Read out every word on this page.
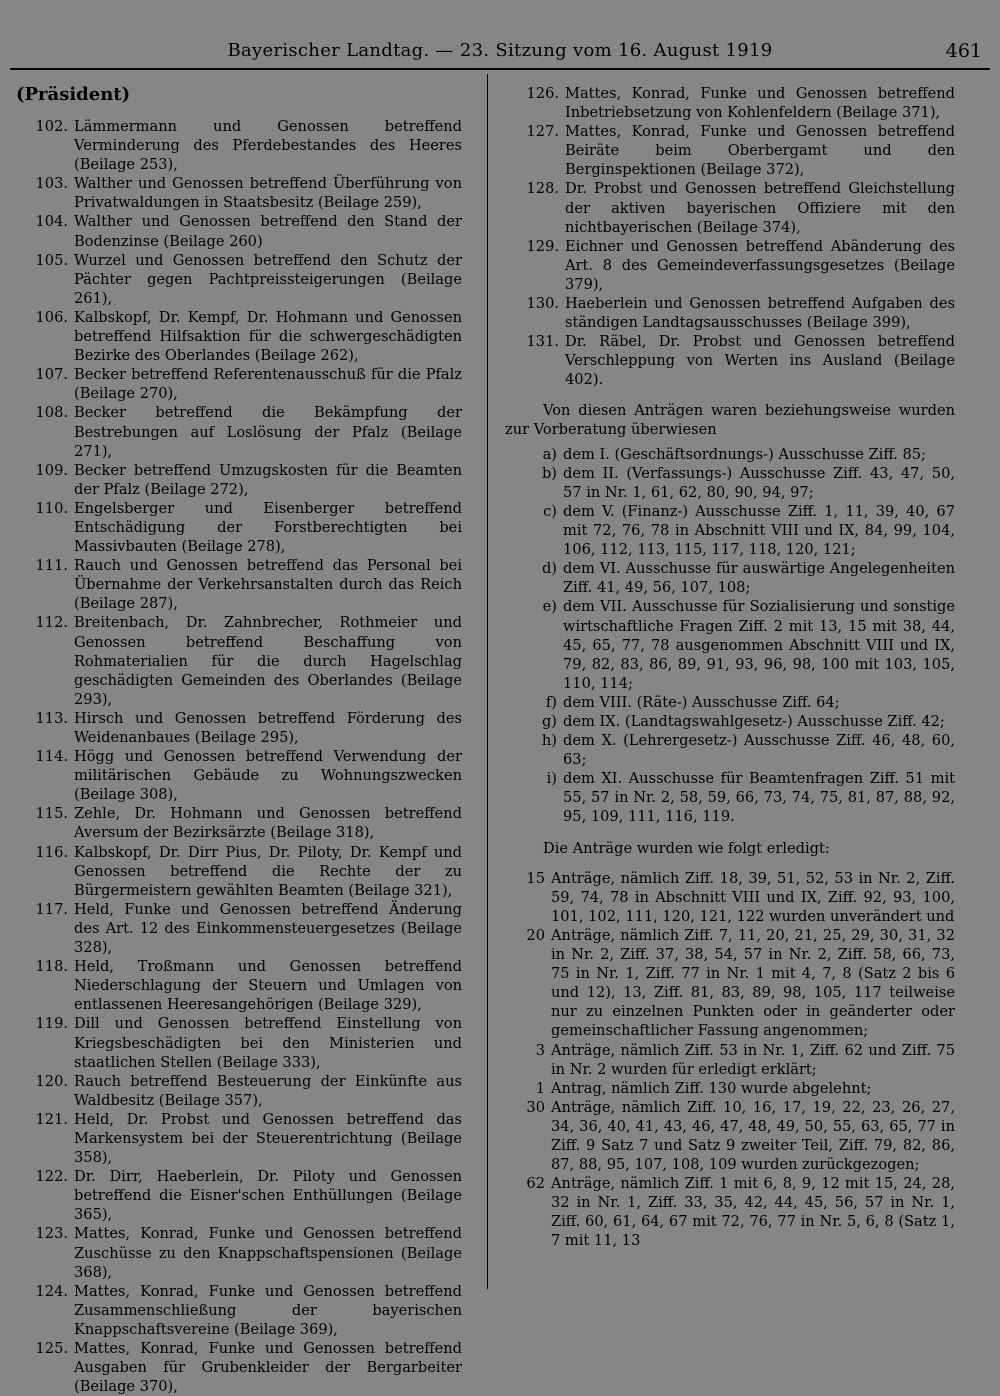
Bayerischer Landtag. — 23. Sitzung vom 16. August 1919	461
(Präsident)
102. Lämmermann und Genossen betreffend Verminderung des Pferdebestandes des Heeres (Beilage 253),
103. Walther und Genossen betreffend Überführung von Privatwaldungen in Staatsbesitz (Beilage 259),
104. Walther und Genossen betreffend den Stand der Bodenzinse (Beilage 260)
105. Wurzel und Genossen betreffend den Schutz der Pächter gegen Pachtpreissteigerungen (Beilage 261),
106. Kalbskopf, Dr. Kempf, Dr. Hohmann und Genossen betreffend Hilfsaktion für die schwergeschädigten Bezirke des Oberlandes (Beilage 262),
107. Becker betreffend Referentenausschuß für die Pfalz (Beilage 270),
108. Becker betreffend die Bekämpfung der Bestrebungen auf Loslösung der Pfalz (Beilage 271),
109. Becker betreffend Umzugskosten für die Beamten der Pfalz (Beilage 272),
110. Engelsberger und Eisenberger betreffend Entschädigung der Forstberechtigten bei Massivbauten (Beilage 278),
111. Rauch und Genossen betreffend das Personal bei Übernahme der Verkehrsanstalten durch das Reich (Beilage 287),
112. Breitenbach, Dr. Zahnbrecher, Rothmeier und Genossen betreffend Beschaffung von Rohmaterialien für die durch Hagelschlag geschädigten Gemeinden des Oberlandes (Beilage 293),
113. Hirsch und Genossen betreffend Förderung des Weidenanbaues (Beilage 295),
114. Högg und Genossen betreffend Verwendung der militärischen Gebäude zu Wohnungszwecken (Beilage 308),
115. Zehle, Dr. Hohmann und Genossen betreffend Aversum der Bezirksärzte (Beilage 318),
116. Kalbskopf, Dr. Dirr Pius, Dr. Piloty, Dr. Kempf und Genossen betreffend die Rechte der zu Bürgermeistern gewählten Beamten (Beilage 321),
117. Held, Funke und Genossen betreffend Änderung des Art. 12 des Einkommensteuergesetzes (Beilage 328),
118. Held, Troßmann und Genossen betreffend Niederschlagung der Steuern und Umlagen von entlassenen Heeresangehörigen (Beilage 329),
119. Dill und Genossen betreffend Einstellung von Kriegsbeschädigten bei den Ministerien und staatlichen Stellen (Beilage 333),
120. Rauch betreffend Besteuerung der Einkünfte aus Waldbesitz (Beilage 357),
121. Held, Dr. Probst und Genossen betreffend das Markensystem bei der Steuerentrichtung (Beilage 358),
122. Dr. Dirr, Haeberlein, Dr. Piloty und Genossen betreffend die Eisner'schen Enthüllungen (Beilage 365),
123. Mattes, Konrad, Funke und Genossen betreffend Zuschüsse zu den Knappschaftspensionen (Beilage 368),
124. Mattes, Konrad, Funke und Genossen betreffend Zusammenschließung der bayerischen Knappschaftsvereine (Beilage 369),
125. Mattes, Konrad, Funke und Genossen betreffend Ausgaben für Grubenkleider der Bergarbeiter (Beilage 370),
126. Mattes, Konrad, Funke und Genossen betreffend Inbetriebsetzung von Kohlenfeldern (Beilage 371),
127. Mattes, Konrad, Funke und Genossen betreffend Beiräte beim Oberbergamt und den Berginspektionen (Beilage 372),
128. Dr. Probst und Genossen betreffend Gleichstellung der aktiven bayerischen Offiziere mit den nichtbayerischen (Beilage 374),
129. Eichner und Genossen betreffend Abänderung des Art. 8 des Gemeindeverfassungsgesetzes (Beilage 379),
130. Haeberlein und Genossen betreffend Aufgaben des ständigen Landtagsausschusses (Beilage 399),
131. Dr. Räbel, Dr. Probst und Genossen betreffend Verschleppung von Werten ins Ausland (Beilage 402).
Von diesen Anträgen waren beziehungsweise wurden zur Vorberatung überwiesen
a) dem I. (Geschäftsordnungs-) Ausschusse Ziff. 85;
b) dem II. (Verfassungs-) Ausschusse Ziff. 43, 47, 50, 57 in Nr. 1, 61, 62, 80, 90, 94, 97;
c) dem V. (Finanz-) Ausschusse Ziff. 1, 11, 39, 40, 67 mit 72, 76, 78 in Abschnitt VIII und IX, 84, 99, 104, 106, 112, 113, 115, 117, 118, 120, 121;
d) dem VI. Ausschusse für auswärtige Angelegenheiten Ziff. 41, 49, 56, 107, 108;
e) dem VII. Ausschusse für Sozialisierung und sonstige wirtschaftliche Fragen Ziff. 2 mit 13, 15 mit 38, 44, 45, 65, 77, 78 ausgenommen Abschnitt VIII und IX, 79, 82, 83, 86, 89, 91, 93, 96, 98, 100 mit 103, 105, 110, 114;
f) dem VIII. (Räte-) Ausschusse Ziff. 64;
g) dem IX. (Landtagswahlgesetz-) Ausschusse Ziff. 42;
h) dem X. (Lehrergesetz-) Ausschusse Ziff. 46, 48, 60, 63;
i) dem XI. Ausschusse für Beamtenfragen Ziff. 51 mit 55, 57 in Nr. 2, 58, 59, 66, 73, 74, 75, 81, 87, 88, 92, 95, 109, 111, 116, 119.
Die Anträge wurden wie folgt erledigt:
15 Anträge, nämlich Ziff. 18, 39, 51, 52, 53 in Nr. 2, Ziff. 59, 74, 78 in Abschnitt VIII und IX, Ziff. 92, 93, 100, 101, 102, 111, 120, 121, 122 wurden unverändert und
20 Anträge, nämlich Ziff. 7, 11, 20, 21, 25, 29, 30, 31, 32 in Nr. 2, Ziff. 37, 38, 54, 57 in Nr. 2, Ziff. 58, 66, 73, 75 in Nr. 1, Ziff. 77 in Nr. 1 mit 4, 7, 8 (Satz 2 bis 6 und 12), 13, Ziff. 81, 83, 89, 98, 105, 117 teilweise nur zu einzelnen Punkten oder in geänderter oder gemeinschaftlicher Fassung angenommen;
3 Anträge, nämlich Ziff. 53 in Nr. 1, Ziff. 62 und Ziff. 75 in Nr. 2 wurden für erledigt erklärt;
1 Antrag, nämlich Ziff. 130 wurde abgelehnt;
30 Anträge, nämlich Ziff. 10, 16, 17, 19, 22, 23, 26, 27, 34, 36, 40, 41, 43, 46, 47, 48, 49, 50, 55, 63, 65, 77 in Ziff. 9 Satz 7 und Satz 9 zweiter Teil, Ziff. 79, 82, 86, 87, 88, 95, 107, 108, 109 wurden zurückgezogen;
62 Anträge, nämlich Ziff. 1 mit 6, 8, 9, 12 mit 15, 24, 28, 32 in Nr. 1, Ziff. 33, 35, 42, 44, 45, 56, 57 in Nr. 1, Ziff. 60, 61, 64, 67 mit 72, 76, 77 in Nr. 5, 6, 8 (Satz 1, 7 mit 11, 13
